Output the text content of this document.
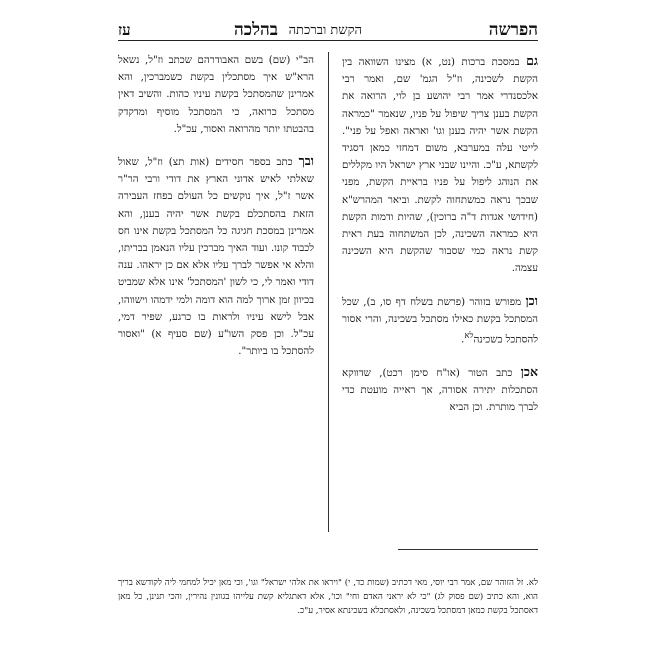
הפרשה
הקשת וברכתה
בהלכה
עז

גם במסכת ברכות (נט, א) מצינו השוואה בין הקשת לשכינה, וז"ל הגמ' שם, ואמר רבי אלכסנדרי אמר רבי יהושע בן לוי, הרואה את הקשת בענן צריך שיפול על פניו, שנאמר "כמראה הקשת אשר יהיה בענן וגו' ואראה ואפל על פני". לייטי עלה במערבא, משום דמחזי כמאן דסגיד לקשתא, ע"כ. והיינו שבני ארץ ישראל היו מקללים את הנוהג ליפול על פניו בראיית הקשת, מפני שבכך נראה כמשתחוה לקשת. וביאר המהרש"א (חידושי אגדות ד"ה ברוכין), שהיות ודמות הקשת היא כמראה השכינה, לכן המשתחוה בעת ראית קשת נראה כמי שסבור שהקשת היא השכינה עצמה.

וכן מפורש בזוהר (פרשת בשלח דף סו, ב), שכל המסתכל בקשת כאילו מסתכל בשכינה, והרי אסור להסתכל בשכינה$^{לא}$.

אכן כתב הטור (או"ח סימן רכט), שדווקא הסתכלות יתירה אסורה, אך ראייה מועטת כדי לברך מותרת. וכן הביא

הב"י (שם) בשם האבודרהם שכתב וז"ל, נשאל הרא"ש איך מסתכלין בקשת כשמברכין, והא אמרינן שהמסתכל בקשת עיניו כהות. והשיב דאין מסתכל כרואה, כי המסתכל מוסיף ומדקדק בהבטתו יותר מהרואה ואסור, עכ"ל.

ובך כתב בספר חסידים (אות תצ) וז"ל, שאול שאלתי לאיש אדוני הארץ את דודי ורבי הר"ר אשר ז"ל, איך נוקשים כל העולם בפחז העבירה הזאת בהסתכלם בקשת אשר יהיה בענן, והא אמרינן במסכת חגיגה כל המסתכל בקשת אינו חס לכבוד קונו. ועוד האיך מברכין עליו הנאמן בבריתו, והלא אי אפשר לברך עליו אלא אם כן יראהו. ענה דודי ואמר לי, כי לשון 'המסתכל' אינו אלא שמביט בכיוון זמן ארוך למה הוא דומה ולמי ידמהו וישווהו, אבל לישא עיניו ולראות בו כרגע, שפיר דמי, עכ"ל. וכן פסק השו"ע (שם סעיף א) "ואסור להסתכל בו ביותר".

לא. זל הזוהר שם, אמר רבי יוסי, מאי דכתיב (שמות כד, י) "ויראו את אלהי ישראל" וגו', וכי מאן יכיל למחמי ליה לקודשא בריך הוא, והא כתיב (שם פסוק לג) "כי לא יראני האדם וחי" וכו', אלא דאתגליא קשת עלייהו בגוונין נהירין, והכי תנינן, כל מאן דאסתכל בקשת כמאן דמסתכל בשכינה, ולאסתכלא בשכינתא אסיר, ע"כ.
